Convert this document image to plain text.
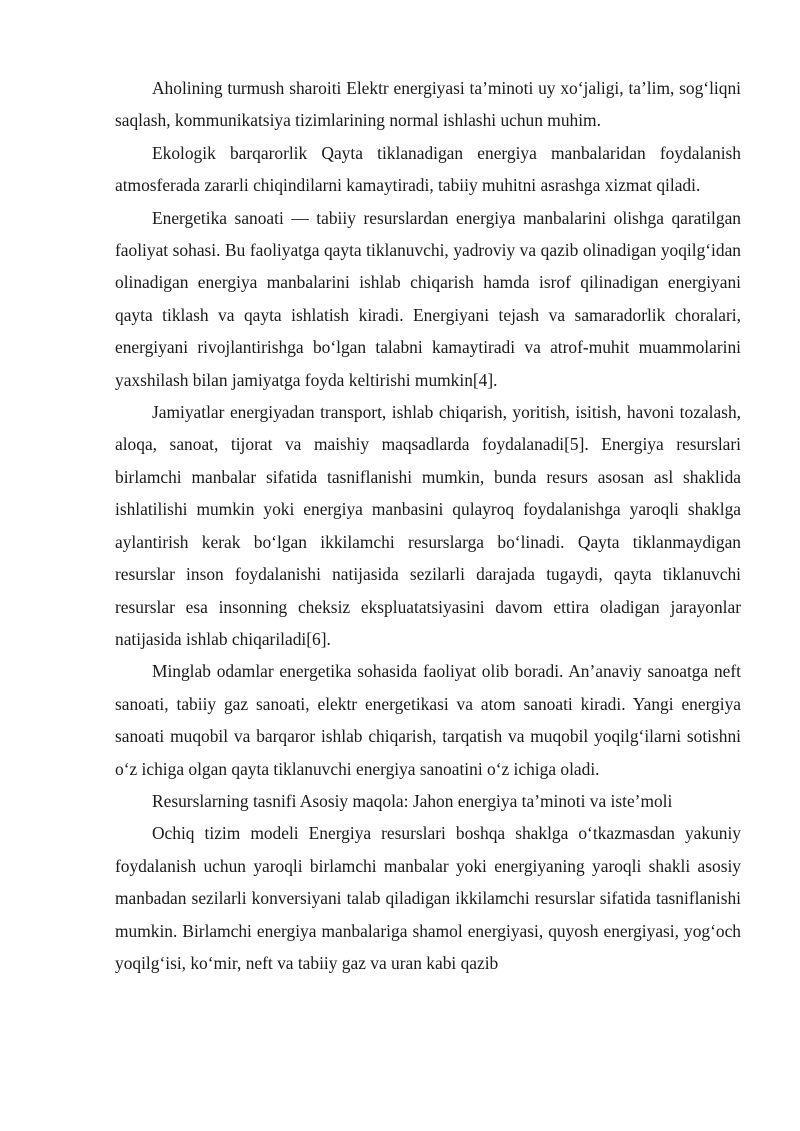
Aholining turmush sharoiti Elektr energiyasi ta’minoti uy xo‘jaligi, ta’lim, sog‘liqni saqlash, kommunikatsiya tizimlarining normal ishlashi uchun muhim.

Ekologik barqarorlik Qayta tiklanadigan energiya manbalaridan foydalanish atmosferada zararli chiqindilarni kamaytiradi, tabiiy muhitni asrashga xizmat qiladi.

Energetika sanoati — tabiiy resurslardan energiya manbalarini olishga qaratilgan faoliyat sohasi. Bu faoliyatga qayta tiklanuvchi, yadroviy va qazib olinadigan yoqilg‘idan olinadigan energiya manbalarini ishlab chiqarish hamda isrof qilinadigan energiyani qayta tiklash va qayta ishlatish kiradi. Energiyani tejash va samaradorlik choralari, energiyani rivojlantirishga bo‘lgan talabni kamaytiradi va atrof-muhit muammolarini yaxshilash bilan jamiyatga foyda keltirishi mumkin[4].

Jamiyatlar energiyadan transport, ishlab chiqarish, yoritish, isitish, havoni tozalash, aloqa, sanoat, tijorat va maishiy maqsadlarda foydalanadi[5]. Energiya resurslari birlamchi manbalar sifatida tasniflanishi mumkin, bunda resurs asosan asl shaklida ishlatilishi mumkin yoki energiya manbasini qulayroq foydalanishga yaroqli shaklga aylantirish kerak bo‘lgan ikkilamchi resurslarga bo‘linadi. Qayta tiklanmaydigan resurslar inson foydalanishi natijasida sezilarli darajada tugaydi, qayta tiklanuvchi resurslar esa insonning cheksiz ekspluatatsiyasini davom ettira oladigan jarayonlar natijasida ishlab chiqariladi[6].

Minglab odamlar energetika sohasida faoliyat olib boradi. An’anaviy sanoatga neft sanoati, tabiiy gaz sanoati, elektr energetikasi va atom sanoati kiradi. Yangi energiya sanoati muqobil va barqaror ishlab chiqarish, tarqatish va muqobil yoqilg‘ilarni sotishni o‘z ichiga olgan qayta tiklanuvchi energiya sanoatini o‘z ichiga oladi.

Resurslarning tasnifi Asosiy maqola: Jahon energiya ta’minoti va iste’moli

Ochiq tizim modeli Energiya resurslari boshqa shaklga o‘tkazmasdan yakuniy foydalanish uchun yaroqli birlamchi manbalar yoki energiyaning yaroqli shakli asosiy manbadan sezilarli konversiyani talab qiladigan ikkilamchi resurslar sifatida tasniflanishi mumkin. Birlamchi energiya manbalariga shamol energiyasi, quyosh energiyasi, yog‘och yoqilg‘isi, ko‘mir, neft va tabiiy gaz va uran kabi qazib
